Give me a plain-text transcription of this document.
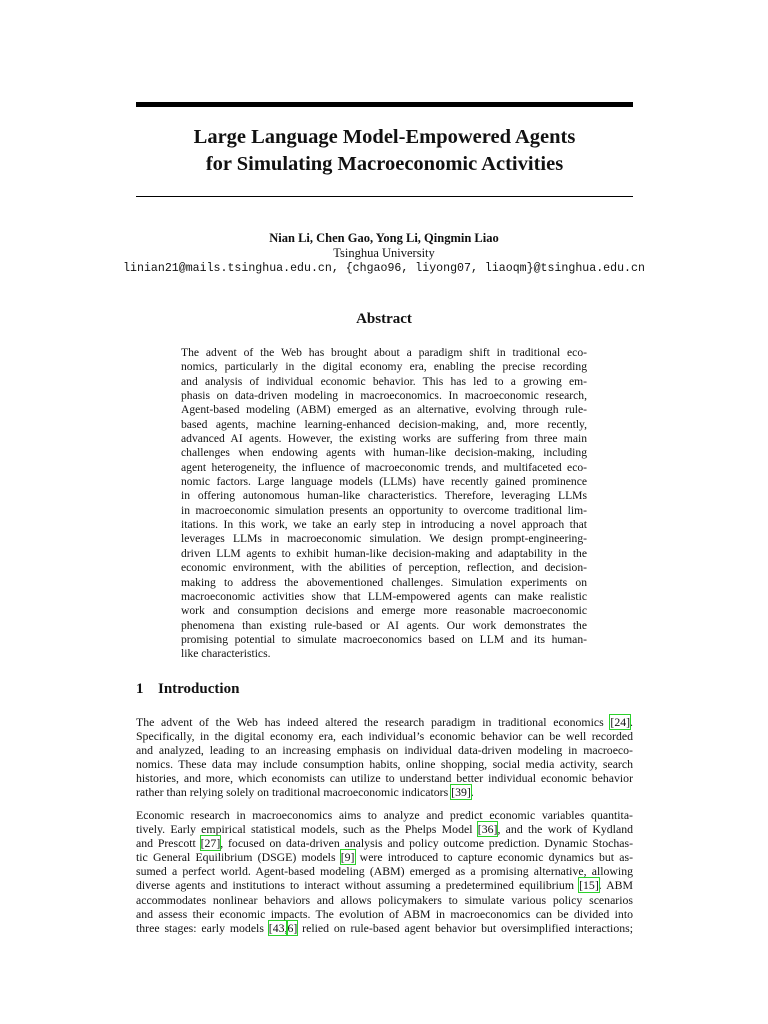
Large Language Model-Empowered Agents
for Simulating Macroeconomic Activities
Nian Li, Chen Gao, Yong Li, Qingmin Liao
Tsinghua University
linian21@mails.tsinghua.edu.cn, {chgao96, liyong07, liaoqm}@tsinghua.edu.cn
Abstract
The advent of the Web has brought about a paradigm shift in traditional eco-
nomics, particularly in the digital economy era, enabling the precise recording
and analysis of individual economic behavior. This has led to a growing em-
phasis on data-driven modeling in macroeconomics. In macroeconomic research,
Agent-based modeling (ABM) emerged as an alternative, evolving through rule-
based agents, machine learning-enhanced decision-making, and, more recently,
advanced AI agents. However, the existing works are suffering from three main
challenges when endowing agents with human-like decision-making, including
agent heterogeneity, the influence of macroeconomic trends, and multifaceted eco-
nomic factors. Large language models (LLMs) have recently gained prominence
in offering autonomous human-like characteristics. Therefore, leveraging LLMs
in macroeconomic simulation presents an opportunity to overcome traditional lim-
itations. In this work, we take an early step in introducing a novel approach that
leverages LLMs in macroeconomic simulation. We design prompt-engineering-
driven LLM agents to exhibit human-like decision-making and adaptability in the
economic environment, with the abilities of perception, reflection, and decision-
making to address the abovementioned challenges. Simulation experiments on
macroeconomic activities show that LLM-empowered agents can make realistic
work and consumption decisions and emerge more reasonable macroeconomic
phenomena than existing rule-based or AI agents. Our work demonstrates the
promising potential to simulate macroeconomics based on LLM and its human-
like characteristics.
1 Introduction
The advent of the Web has indeed altered the research paradigm in traditional economics [24].
Specifically, in the digital economy era, each individual’s economic behavior can be well recorded
and analyzed, leading to an increasing emphasis on individual data-driven modeling in macroeco-
nomics. These data may include consumption habits, online shopping, social media activity, search
histories, and more, which economists can utilize to understand better individual economic behavior
rather than relying solely on traditional macroeconomic indicators [39].
Economic research in macroeconomics aims to analyze and predict economic variables quantita-
tively. Early empirical statistical models, such as the Phelps Model [36], and the work of Kydland
and Prescott [27], focused on data-driven analysis and policy outcome prediction. Dynamic Stochas-
tic General Equilibrium (DSGE) models [9] were introduced to capture economic dynamics but as-
sumed a perfect world. Agent-based modeling (ABM) emerged as a promising alternative, allowing
diverse agents and institutions to interact without assuming a predetermined equilibrium [15]. ABM
accommodates nonlinear behaviors and allows policymakers to simulate various policy scenarios
and assess their economic impacts. The evolution of ABM in macroeconomics can be divided into
three stages: early models [43,6] relied on rule-based agent behavior but oversimplified interactions;
